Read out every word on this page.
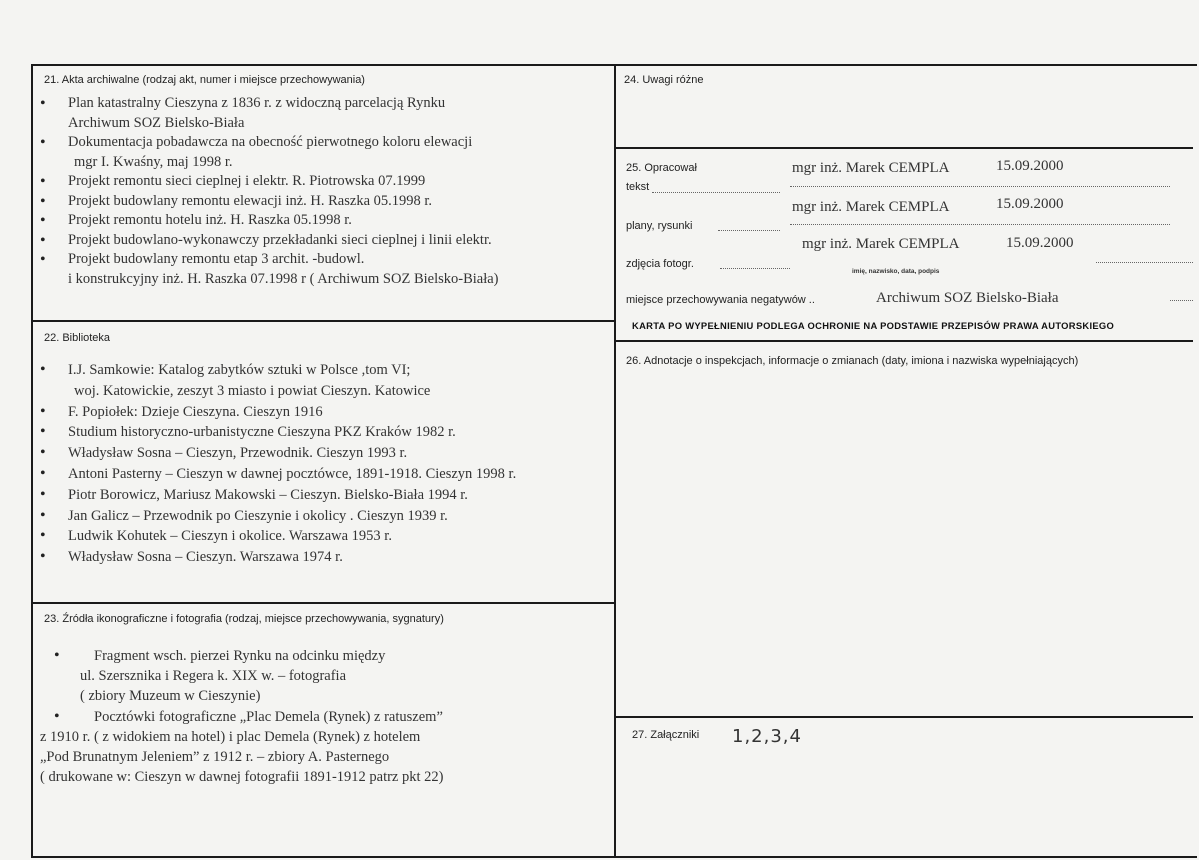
21. Akta archiwalne (rodzaj akt, numer i miejsce przechowywania)
• Plan katastralny Cieszyna z 1836 r. z widoczną parcelacją Rynku
Archiwum SOZ Bielsko-Biała
• Dokumentacja pobadawcza na obecność pierwotnego koloru elewacji
mgr I. Kwaśny, maj 1998 r.
• Projekt remontu sieci cieplnej i elektr. R. Piotrowska 07.1999
• Projekt budowlany remontu elewacji inż. H. Raszka 05.1998 r.
• Projekt remontu hotelu inż. H. Raszka 05.1998 r.
• Projekt budowlano-wykonawczy przekładanki sieci cieplnej i linii elektr.
• Projekt budowlany remontu etap 3 archit. -budowl.
i konstrukcyjny inż. H. Raszka 07.1998 r ( Archiwum SOZ Bielsko-Biała)
22. Biblioteka
• I.J. Samkowie: Katalog zabytków sztuki w Polsce ,tom VI;
woj. Katowickie, zeszyt 3 miasto i powiat Cieszyn. Katowice
• F. Popiołek: Dzieje Cieszyna. Cieszyn 1916
• Studium historyczno-urbanistyczne Cieszyna PKZ Kraków 1982 r.
• Władysław Sosna – Cieszyn, Przewodnik. Cieszyn 1993 r.
• Antoni Pasterny – Cieszyn w dawnej pocztówce, 1891-1918. Cieszyn 1998 r.
• Piotr Borowicz, Mariusz Makowski – Cieszyn. Bielsko-Biała 1994 r.
• Jan Galicz – Przewodnik po Cieszynie i okolicy . Cieszyn 1939 r.
• Ludwik Kohutek – Cieszyn i okolice. Warszawa 1953 r.
• Władysław Sosna – Cieszyn. Warszawa 1974 r.
23. Źródła ikonograficzne i fotografia (rodzaj, miejsce przechowywania, sygnatury)
• Fragment wsch. pierzei Rynku na odcinku między
ul. Szersznika i Regera k. XIX w. – fotografia
( zbiory Muzeum w Cieszynie)
• Pocztówki fotograficzne „Plac Demela (Rynek) z ratuszem”
z 1910 r. ( z widokiem na hotel) i plac Demela (Rynek) z hotelem
„Pod Brunatnym Jeleniem” z 1912 r. – zbiory A. Pasternego
( drukowane w: Cieszyn w dawnej fotografii 1891-1912 patrz pkt 22)
24. Uwagi różne
25. Opracował
tekst
mgr inż. Marek CEMPLA	15.09.2000
plany, rysunki
mgr inż. Marek CEMPLA	15.09.2000
zdjęcia fotogr.
mgr inż. Marek CEMPLA	15.09.2000
imię, nazwisko, data, podpis
miejsce przechowywania negatywów ..	Archiwum SOZ Bielsko-Biała
KARTA PO WYPEŁNIENIU PODLEGA OCHRONIE NA PODSTAWIE PRZEPISÓW PRAWA AUTORSKIEGO
26. Adnotacje o inspekcjach, informacje o zmianach (daty, imiona i nazwiska wypełniających)
27. Załączniki 1,2,3,4
